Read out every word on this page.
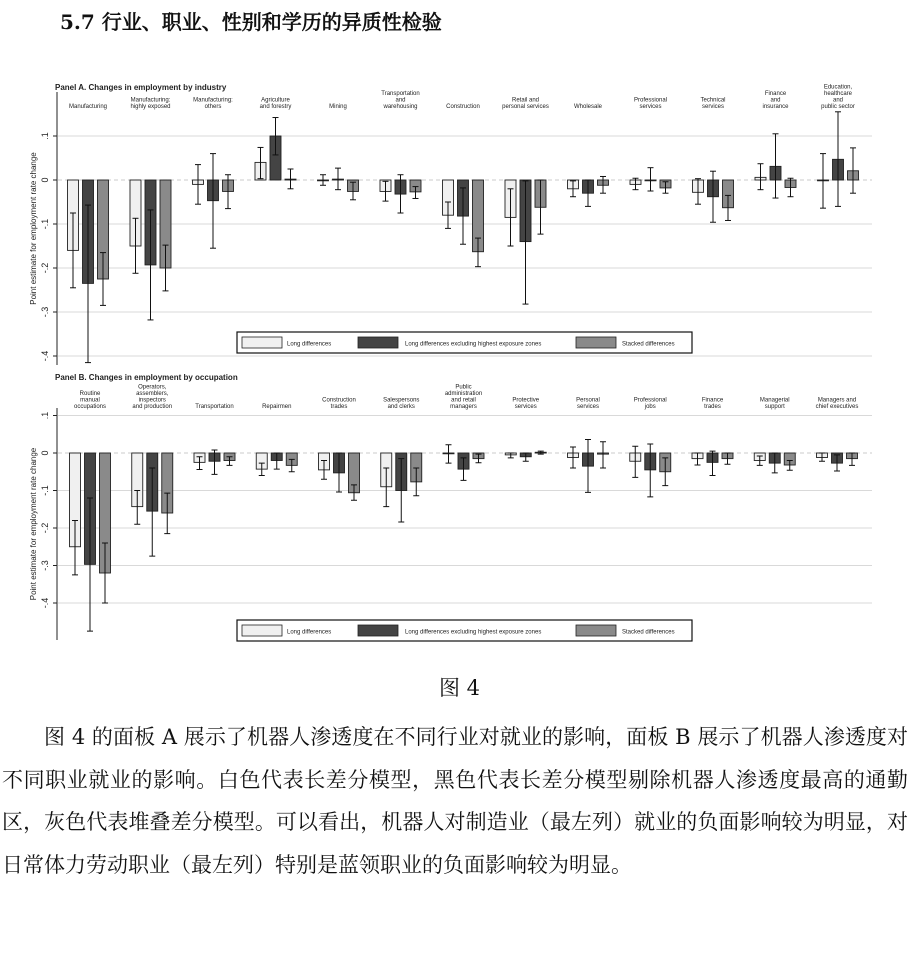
5.7 行业、职业、性别和学历的异质性检验
Panel A. Changes in employment by industry
.1
0
-.1
-.2
-.3
-.4
Point estimate for employment rate change
Manufacturing
Manufacturing:
highly exposed
Manufacturing:
others
Agriculture
and forestry	Mining
Transportation
and
warehousing	Construction
Retail and
personal services	Wholesale
Professional
services
Technical
services
Finance
and
insurance
Education,
healthcare
and
public sector
Long differences	Long differences excluding highest exposure zones	Stacked differences
Panel B. Changes in employment by occupation
.1
0
-.1
-.2
-.3
-.4
Point estimate for employment rate change
Routine
manual
occupations
Operators,
assemblers,
inspectors
and production	Transportation	Repairmen
Construction
trades
Salespersons
and clerks
Public
administration
and retail
managers
Protective
services
Personal
services
Professional
jobs
Finance
trades
Managerial
support
Managers and
chief executives
Long differences	Long differences excluding highest exposure zones	Stacked differences
图 4

图 4 的面板 A 展示了机器人渗透度在不同行业对就业的影响，面板 B 展示了机器人渗透度对不同职业就业的影响。白色代表长差分模型，黑色代表长差分模型剔除机器人渗透度最高的通勤区，灰色代表堆叠差分模型。可以看出，机器人对制造业（最左列）就业的负面影响较为明显，对日常体力劳动职业（最左列）特别是蓝领职业的负面影响较为明显。
